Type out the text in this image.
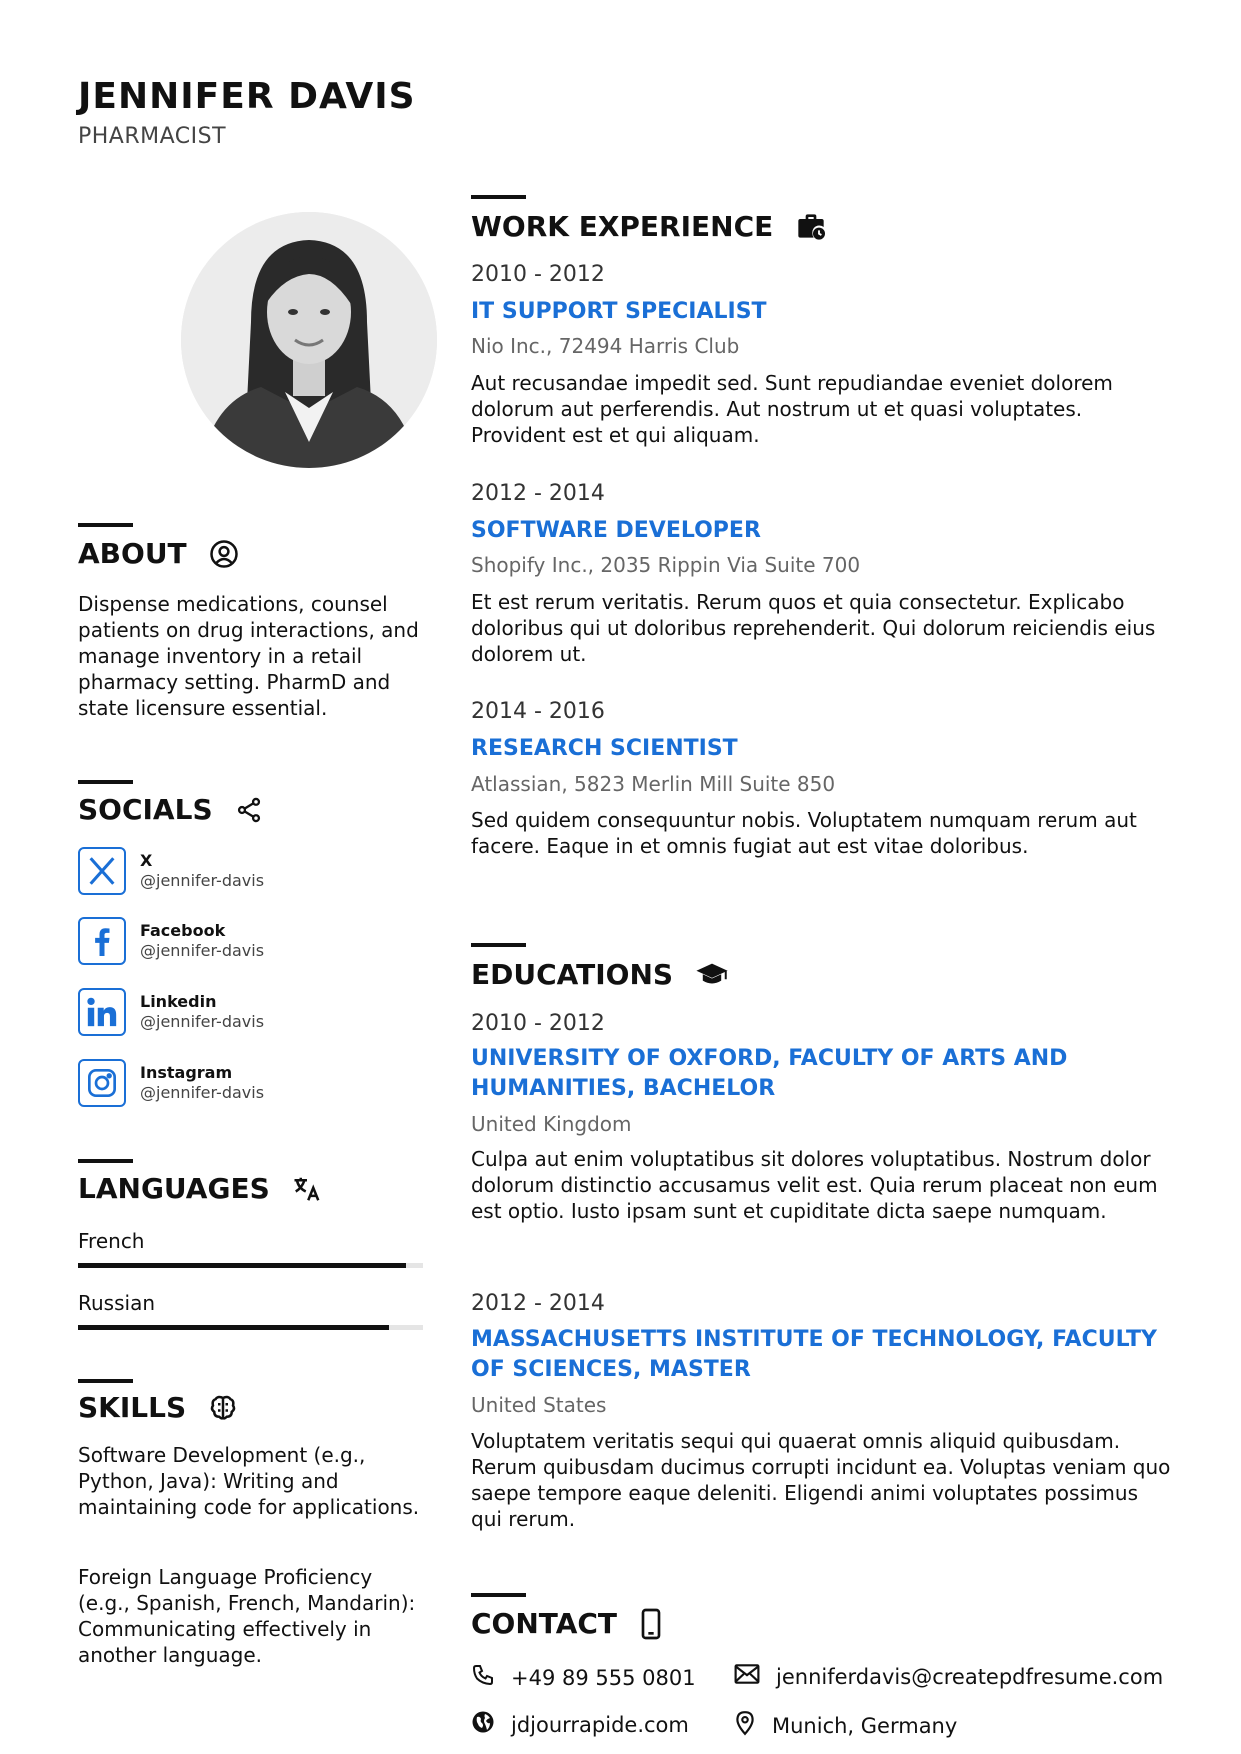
JENNIFER DAVIS
PHARMACIST
ABOUT
Dispense medications, counsel patients on drug interactions, and manage inventory in a retail pharmacy setting. PharmD and state licensure essential.
SOCIALS
X
@jennifer-davis
Facebook
@jennifer-davis
Linkedin
@jennifer-davis
Instagram
@jennifer-davis
LANGUAGES
French
Russian
SKILLS
Software Development (e.g., Python, Java): Writing and maintaining code for applications.
Foreign Language Proficiency (e.g., Spanish, French, Mandarin): Communicating effectively in another language.
WORK EXPERIENCE
2010 - 2012
IT SUPPORT SPECIALIST
Nio Inc., 72494 Harris Club
Aut recusandae impedit sed. Sunt repudiandae eveniet dolorem dolorum aut perferendis. Aut nostrum ut et quasi voluptates. Provident est et qui aliquam.
2012 - 2014
SOFTWARE DEVELOPER
Shopify Inc., 2035 Rippin Via Suite 700
Et est rerum veritatis. Rerum quos et quia consectetur. Explicabo doloribus qui ut doloribus reprehenderit. Qui dolorum reiciendis eius dolorem ut.
2014 - 2016
RESEARCH SCIENTIST
Atlassian, 5823 Merlin Mill Suite 850
Sed quidem consequuntur nobis. Voluptatem numquam rerum aut facere. Eaque in et omnis fugiat aut est vitae doloribus.
EDUCATIONS
2010 - 2012
UNIVERSITY OF OXFORD, FACULTY OF ARTS AND HUMANITIES, BACHELOR
United Kingdom
Culpa aut enim voluptatibus sit dolores voluptatibus. Nostrum dolor dolorum distinctio accusamus velit est. Quia rerum placeat non eum est optio. Iusto ipsam sunt et cupiditate dicta saepe numquam.
2012 - 2014
MASSACHUSETTS INSTITUTE OF TECHNOLOGY, FACULTY OF SCIENCES, MASTER
United States
Voluptatem veritatis sequi qui quaerat omnis aliquid quibusdam. Rerum quibusdam ducimus corrupti incidunt ea. Voluptas veniam quo saepe tempore eaque deleniti. Eligendi animi voluptates possimus qui rerum.
CONTACT
+49 89 555 0801	jenniferdavis@createpdfresume.com
jdjourrapide.com	Munich, Germany
